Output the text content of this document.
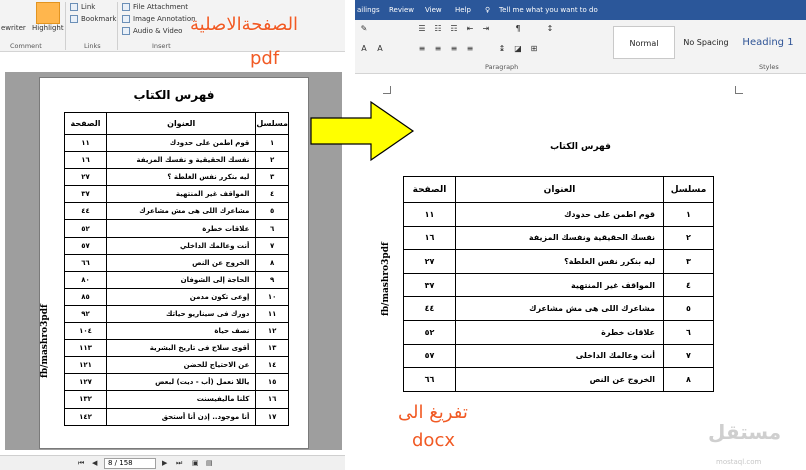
ewriter Highlight
Comment
Link
Bookmark
Links
File Attachment
Image Annotation
Audio & Video
Insert
فهرس الكتاب
fb/mashro3pdf
مسلسل	العنوان	الصفحة
١	قوم اطمن على حدودك	١١
٢	نفسك الحقيقية و نفسك المزيفة	١٦
٣	ليه بنكرر نفس الغلطة ؟	٢٧
٤	المواقف غير المنتهية	٣٧
٥	مشاعرك اللى هى مش مشاعرك	٤٤
٦	علاقات خطرة	٥٢
٧	أنت وعالمك الداخلي	٥٧
٨	الخروج عن النص	٦٦
٩	الحاجة إلى الشوفان	٨٠
١٠	إوعى تكون مدمن	٨٥
١١	دورك فى سيناريو حياتك	٩٢
١٢	نصف حياة	١٠٤
١٣	أقوى سلاح فى تاريخ البشرية	١١٣
١٤	عن الاحتياج للحضن	١٢١
١٥	ياللا نعمل (أب - ديت) لبعض	١٢٧
١٦	كلنا ماليفيسنت	١٣٢
١٧	أنا موجود.. إذن أنا أستحق	١٤٢
⏮ ◀	8 / 158	▶ ⏭ ▣ ▤
ailings Review View Help ♀ Tell me what you want to do
✎
A A
☰ ☷ ☶ ⇤ ⇥	¶	↕
≡ ≡ ≡ ≡	↨ ◪ ⊞
Paragraph
Normal	No Spacing	Heading 1
Styles
فهرس الكتاب
fb/mashro3pdf
مسلسل	العنوان	الصفحة
١	قوم اطمن على حدودك	١١
٢	نفسك الحقيقية ونفسك المزيفة	١٦
٣	ليه بنكرر نفس الغلطة؟	٢٧
٤	المواقف غير المنتهية	٣٧
٥	مشاعرك اللى هى مش مشاعرك	٤٤
٦	علاقات خطرة	٥٢
٧	أنت وعالمك الداخلى	٥٧
٨	الخروج عن النص	٦٦
الصفحةالاصلية
pdf
تفريغ الى
docx	مستقل
mostaql.com
